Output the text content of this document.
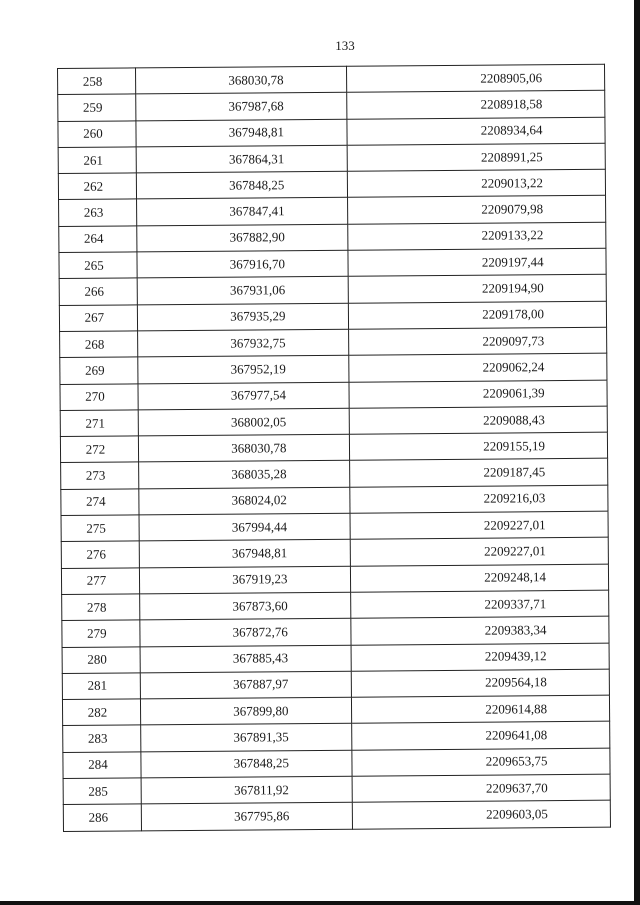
133
258	368030,78	2208905,06
259	367987,68	2208918,58
260	367948,81	2208934,64
261	367864,31	2208991,25
262	367848,25	2209013,22
263	367847,41	2209079,98
264	367882,90	2209133,22
265	367916,70	2209197,44
266	367931,06	2209194,90
267	367935,29	2209178,00
268	367932,75	2209097,73
269	367952,19	2209062,24
270	367977,54	2209061,39
271	368002,05	2209088,43
272	368030,78	2209155,19
273	368035,28	2209187,45
274	368024,02	2209216,03
275	367994,44	2209227,01
276	367948,81	2209227,01
277	367919,23	2209248,14
278	367873,60	2209337,71
279	367872,76	2209383,34
280	367885,43	2209439,12
281	367887,97	2209564,18
282	367899,80	2209614,88
283	367891,35	2209641,08
284	367848,25	2209653,75
285	367811,92	2209637,70
286	367795,86	2209603,05
